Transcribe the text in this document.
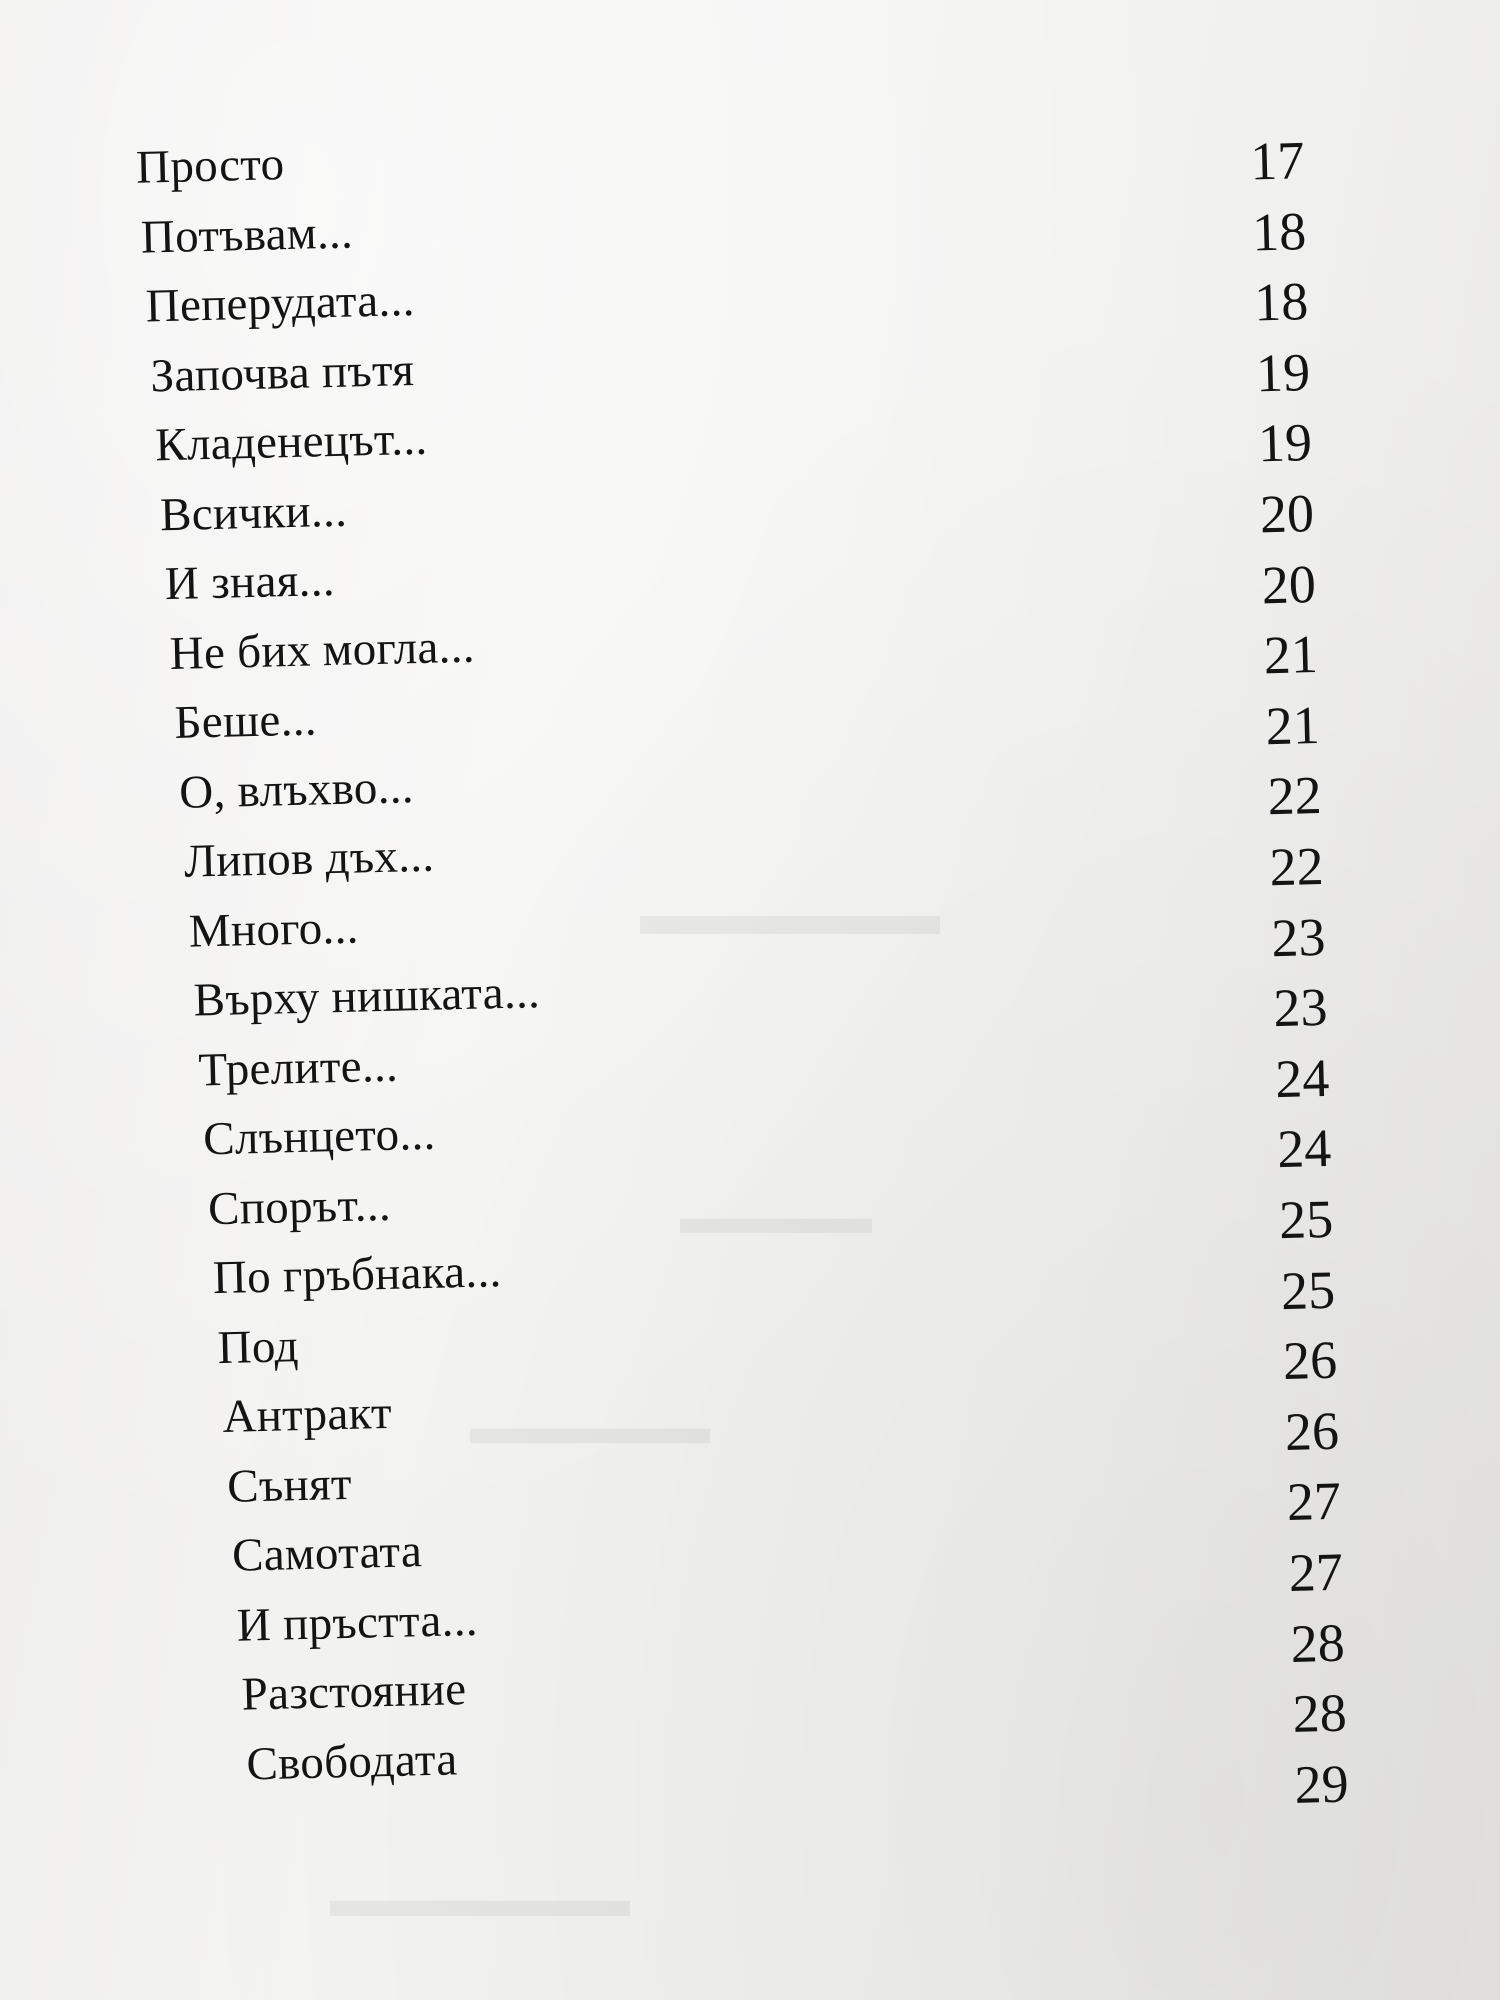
▬▬▬▬▬
▬▬▬▬
▬▬▬▬▬
▬▬▬▬▬▬
Просто	17
Потъвам...	18
Пеперудата...	18
Започва пътя	19
Кладенецът...	19
Всички...	20
И зная...	20
Не бих могла...	21
Беше...	21
О, влъхво...	22
Липов дъх...	22
Много...	23
Върху нишката...	23
Трелите...	24
Слънцето...	24
Спорът...	25
По гръбнака...	25
Под	26
Антракт	26
Сънят	27
Самотата	27
И пръстта...	28
Разстояние	28
Свободата	29
